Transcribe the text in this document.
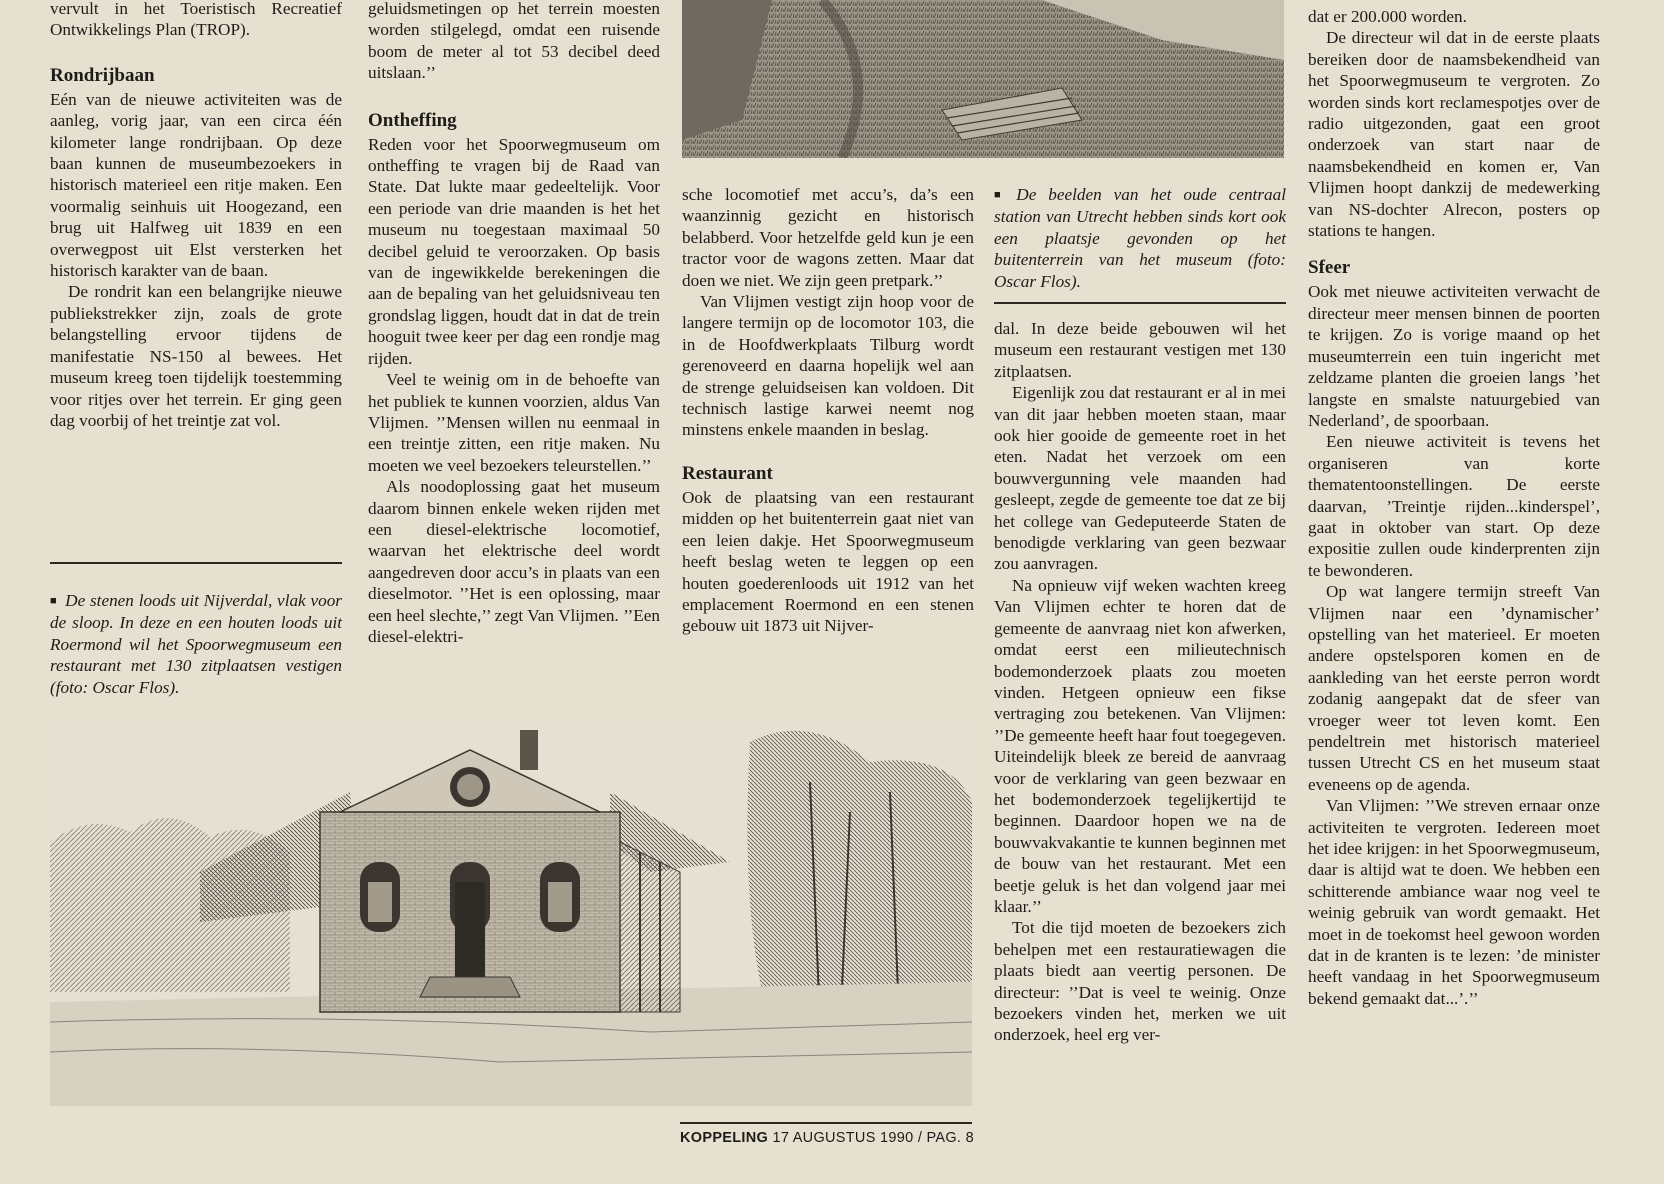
vervult in het Toeristisch Recreatief Ontwikkelings Plan (TROP).

Rondrijbaan

Eén van de nieuwe activiteiten was de aanleg, vorig jaar, van een circa één kilometer lange rondrijbaan. Op deze baan kunnen de museumbezoekers in historisch materieel een ritje maken. Een voormalig seinhuis uit Hoogezand, een brug uit Halfweg uit 1839 en een overwegpost uit Elst versterken het historisch karakter van de baan.

De rondrit kan een belangrijke nieuwe publiekstrekker zijn, zoals de grote belangstelling ervoor tijdens de manifestatie NS-150 al bewees. Het museum kreeg toen tijdelijk toestemming voor ritjes over het terrein. Er ging geen dag voorbij of het treintje zat vol.

■ De stenen loods uit Nijverdal, vlak voor de sloop. In deze en een houten loods uit Roermond wil het Spoorwegmuseum een restaurant met 130 zitplaatsen vestigen (foto: Oscar Flos).

geluidsmetingen op het terrein moesten worden stilgelegd, omdat een ruisende boom de meter al tot 53 decibel deed uitslaan.’’

Ontheffing

Reden voor het Spoorwegmuseum om ontheffing te vragen bij de Raad van State. Dat lukte maar gedeeltelijk. Voor een periode van drie maanden is het het museum nu toegestaan maximaal 50 decibel geluid te veroorzaken. Op basis van de ingewikkelde berekeningen die aan de bepaling van het geluidsniveau ten grondslag liggen, houdt dat in dat de trein hooguit twee keer per dag een rondje mag rijden.

Veel te weinig om in de behoefte van het publiek te kunnen voorzien, aldus Van Vlijmen. ’’Mensen willen nu eenmaal in een treintje zitten, een ritje maken. Nu moeten we veel bezoekers teleurstellen.’’

Als noodoplossing gaat het museum daarom binnen enkele weken rijden met een diesel-elektrische locomotief, waarvan het elektrische deel wordt aangedreven door accu’s in plaats van een dieselmotor. ’’Het is een oplossing, maar een heel slechte,’’ zegt Van Vlijmen. ’’Een diesel-elektri-

sche locomotief met accu’s, da’s een waanzinnig gezicht en historisch belabberd. Voor hetzelfde geld kun je een tractor voor de wagons zetten. Maar dat doen we niet. We zijn geen pretpark.’’

Van Vlijmen vestigt zijn hoop voor de langere termijn op de locomotor 103, die in de Hoofdwerkplaats Tilburg wordt gerenoveerd en daarna hopelijk wel aan de strenge geluidseisen kan voldoen. Dit technisch lastige karwei neemt nog minstens enkele maanden in beslag.

Restaurant

Ook de plaatsing van een restaurant midden op het buitenterrein gaat niet van een leien dakje. Het Spoorwegmuseum heeft beslag weten te leggen op een houten goederenloods uit 1912 van het emplacement Roermond en een stenen gebouw uit 1873 uit Nijver-

■ De beelden van het oude centraal station van Utrecht hebben sinds kort ook een plaatsje gevonden op het buitenterrein van het museum (foto: Oscar Flos).

dal. In deze beide gebouwen wil het museum een restaurant vestigen met 130 zitplaatsen.

Eigenlijk zou dat restaurant er al in mei van dit jaar hebben moeten staan, maar ook hier gooide de gemeente roet in het eten. Nadat het verzoek om een bouwvergunning vele maanden had gesleept, zegde de gemeente toe dat ze bij het college van Gedeputeerde Staten de benodigde verklaring van geen bezwaar zou aanvragen.

Na opnieuw vijf weken wachten kreeg Van Vlijmen echter te horen dat de gemeente de aanvraag niet kon afwerken, omdat eerst een milieutechnisch bodemonderzoek plaats zou moeten vinden. Hetgeen opnieuw een fikse vertraging zou betekenen. Van Vlijmen: ’’De gemeente heeft haar fout toegegeven. Uiteindelijk bleek ze bereid de aanvraag voor de verklaring van geen bezwaar en het bodemonderzoek tegelijkertijd te beginnen. Daardoor hopen we na de bouwvakvakantie te kunnen beginnen met de bouw van het restaurant. Met een beetje geluk is het dan volgend jaar mei klaar.’’

Tot die tijd moeten de bezoekers zich behelpen met een restauratiewagen die plaats biedt aan veertig personen. De directeur: ’’Dat is veel te weinig. Onze bezoekers vinden het, merken we uit onderzoek, heel erg ver-

dat er 200.000 worden.

De directeur wil dat in de eerste plaats bereiken door de naamsbekendheid van het Spoorwegmuseum te vergroten. Zo worden sinds kort reclamespotjes over de radio uitgezonden, gaat een groot onderzoek van start naar de naamsbekendheid en komen er, Van Vlijmen hoopt dankzij de medewerking van NS-dochter Alrecon, posters op stations te hangen.

Sfeer

Ook met nieuwe activiteiten verwacht de directeur meer mensen binnen de poorten te krijgen. Zo is vorige maand op het museumterrein een tuin ingericht met zeldzame planten die groeien langs ’het langste en smalste natuurgebied van Nederland’, de spoorbaan.

Een nieuwe activiteit is tevens het organiseren van korte thematentoonstellingen. De eerste daarvan, ’Treintje rijden...kinderspel’, gaat in oktober van start. Op deze expositie zullen oude kinderprenten zijn te bewonderen.

Op wat langere termijn streeft Van Vlijmen naar een ’dynamischer’ opstelling van het materieel. Er moeten andere opstelsporen komen en de aankleding van het eerste perron wordt zodanig aangepakt dat de sfeer van vroeger weer tot leven komt. Een pendeltrein met historisch materieel tussen Utrecht CS en het museum staat eveneens op de agenda.

Van Vlijmen: ’’We streven ernaar onze activiteiten te vergroten. Iedereen moet het idee krijgen: in het Spoorwegmuseum, daar is altijd wat te doen. We hebben een schitterende ambiance waar nog veel te weinig gebruik van wordt gemaakt. Het moet in de toekomst heel gewoon worden dat in de kranten is te lezen: ’de minister heeft vandaag in het Spoorwegmuseum bekend gemaakt dat...’.’’

KOPPELING 17 AUGUSTUS 1990 / PAG. 8
